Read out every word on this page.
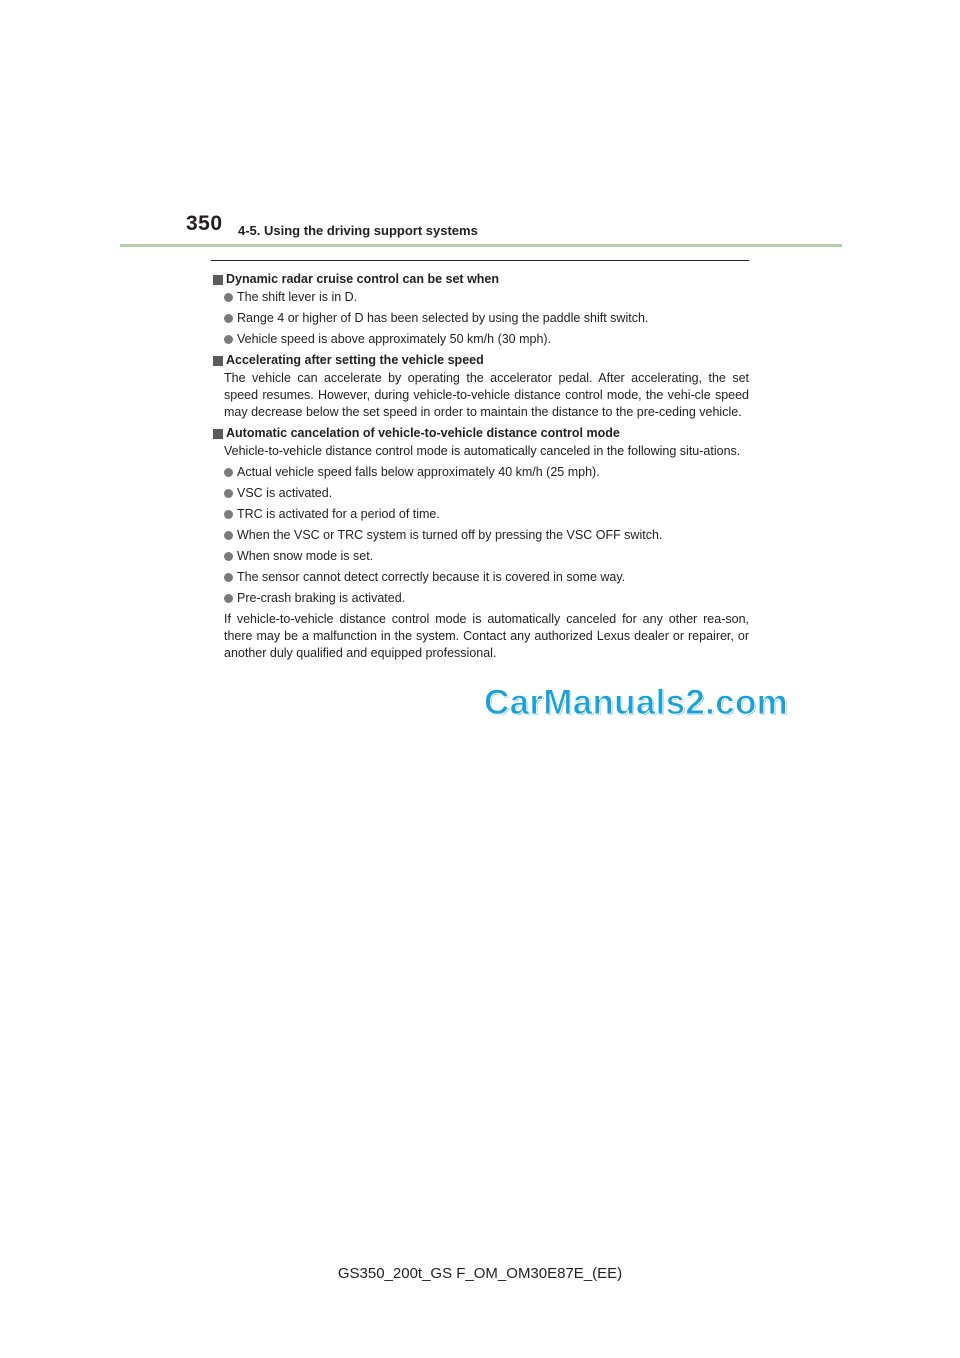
350 4-5. Using the driving support systems
Dynamic radar cruise control can be set when
The shift lever is in D.
Range 4 or higher of D has been selected by using the paddle shift switch.
Vehicle speed is above approximately 50 km/h (30 mph).
Accelerating after setting the vehicle speed
The vehicle can accelerate by operating the accelerator pedal. After accelerating, the set speed resumes. However, during vehicle-to-vehicle distance control mode, the vehi-cle speed may decrease below the set speed in order to maintain the distance to the pre-ceding vehicle.
Automatic cancelation of vehicle-to-vehicle distance control mode
Vehicle-to-vehicle distance control mode is automatically canceled in the following situ-ations.
Actual vehicle speed falls below approximately 40 km/h (25 mph).
VSC is activated.
TRC is activated for a period of time.
When the VSC or TRC system is turned off by pressing the VSC OFF switch.
When snow mode is set.
The sensor cannot detect correctly because it is covered in some way.
Pre-crash braking is activated.
If vehicle-to-vehicle distance control mode is automatically canceled for any other rea-son, there may be a malfunction in the system. Contact any authorized Lexus dealer or repairer, or another duly qualified and equipped professional.
CarManuals2.com
GS350_200t_GS F_OM_OM30E87E_(EE)
